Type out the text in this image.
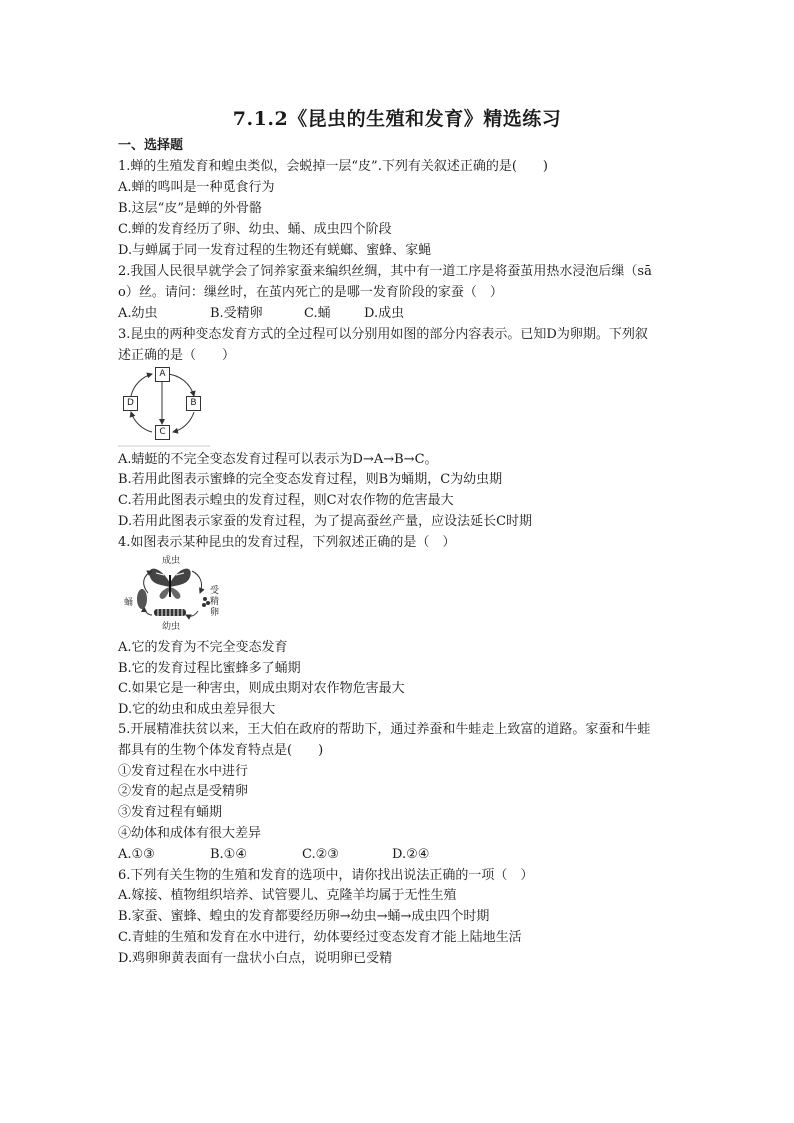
7.1.2《昆虫的生殖和发育》精选练习
一、选择题
1.蝉的生殖发育和蝗虫类似，会蜕掉一层“皮”.下列有关叙述正确的是(　　)
A.蝉的鸣叫是一种觅食行为
B.这层“皮”是蝉的外骨骼
C.蝉的发育经历了卵、幼虫、蛹、成虫四个阶段
D.与蝉属于同一发育过程的生物还有蜣螂、蜜蜂、家蝇
2.我国人民很早就学会了饲养家蚕来编织丝绸，其中有一道工序是将蚕茧用热水浸泡后缫（sā
o）丝。请问：缫丝时，在茧内死亡的是哪一发育阶段的家蚕（　）
A.幼虫	B.受精卵	C.蛹	D.成虫
3.昆虫的两种变态发育方式的全过程可以分别用如图的部分内容表示。已知D为卵期。下列叙
述正确的是（　　）
A
B
C
D
A.蜻蜓的不完全变态发育过程可以表示为D→A→B→C。
B.若用此图表示蜜蜂的完全变态发育过程，则B为蛹期，C为幼虫期
C.若用此图表示蝗虫的发育过程，则C对农作物的危害最大
D.若用此图表示家蚕的发育过程，为了提高蚕丝产量，应设法延长C时期
4.如图表示某种昆虫的发育过程，下列叙述正确的是（　）
成虫
蛹
受
精
卵
幼虫
A.它的发育为不完全变态发育
B.它的发育过程比蜜蜂多了蛹期
C.如果它是一种害虫，则成虫期对农作物危害最大
D.它的幼虫和成虫差异很大
5.开展精准扶贫以来，王大伯在政府的帮助下，通过养蚕和牛蛙走上致富的道路。家蚕和牛蛙
都具有的生物个体发育特点是(　　)
①发育过程在水中进行
②发育的起点是受精卵
③发育过程有蛹期
④幼体和成体有很大差异
A.①③	B.①④	C.②③	D.②④
6.下列有关生物的生殖和发育的选项中，请你找出说法正确的一项（　）
A.嫁接、植物组织培养、试管婴儿、克隆羊均属于无性生殖
B.家蚕、蜜蜂、蝗虫的发育都要经历卵→幼虫→蛹→成虫四个时期
C.青蛙的生殖和发育在水中进行，幼体要经过变态发育才能上陆地生活
D.鸡卵卵黄表面有一盘状小白点，说明卵已受精
